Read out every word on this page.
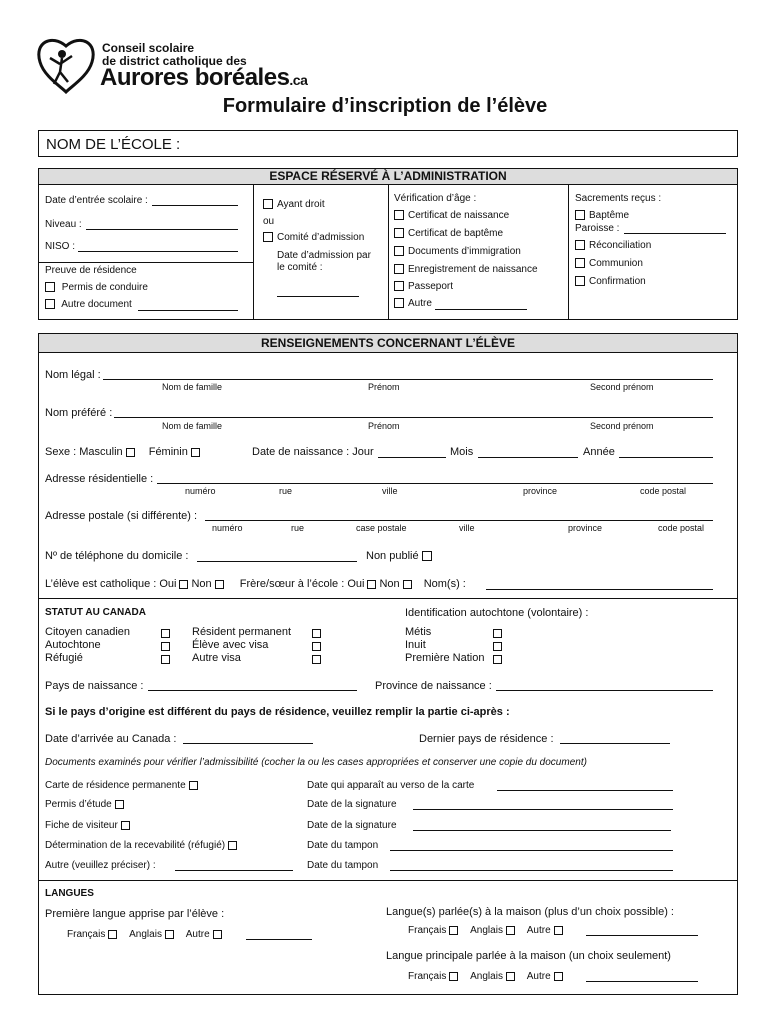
Conseil scolaire
de district catholique des
Aurores boréales.ca
Formulaire d’inscription de l’élève
NOM DE L’ÉCOLE :
ESPACE RÉSERVÉ À L’ADMINISTRATION
Date d’entrée scolaire :
Niveau :
NISO :
Preuve de résidence
Permis de conduire
Autre document
Ayant droit
ou
Comité d’admission
Date d’admission par
le comité :
Vérification d’âge :
Certificat de naissance
Certificat de baptême
Documents d’immigration
Enregistrement de naissance
Passeport
Autre
Sacrements reçus :
Baptême
Paroisse :
Réconciliation
Communion
Confirmation
RENSEIGNEMENTS CONCERNANT L’ÉLÈVE
Nom légal :
Nom de famille	Prénom	Second prénom
Nom préféré :
Nom de famille	Prénom	Second prénom
Sexe : Masculin Féminin	Date de naissance : Jour	Mois	Année
Adresse résidentielle :
numéro	rue	ville	province	code postal
Adresse postale (si différente) :
numéro	rue	case postale	ville	province	code postal
Nº de téléphone du domicile :	Non publié
L’élève est catholique : Oui Non	Frère/sœur à l’école : Oui Non Nom(s) :
STATUT AU CANADA	Identification autochtone (volontaire) :
Citoyen canadien
Autochtone
Réfugié
Résident permanent
Élève avec visa
Autre visa
Métis
Inuit
Première Nation
Pays de naissance :	Province de naissance :
Si le pays d’origine est différent du pays de résidence, veuillez remplir la partie ci-après :
Date d’arrivée au Canada :	Dernier pays de résidence :
Documents examinés pour vérifier l’admissibilité (cocher la ou les cases appropriées et conserver une copie du document)
Carte de résidence permanente	Date qui apparaît au verso de la carte
Permis d’étude	Date de la signature
Fiche de visiteur	Date de la signature
Détermination de la recevabilité (réfugié)	Date du tampon
Autre (veuillez préciser) :	Date du tampon
LANGUES
Première langue apprise par l’élève :
Français Anglais Autre
Langue(s) parlée(s) à la maison (plus d’un choix possible) :
Français Anglais Autre
Langue principale parlée à la maison (un choix seulement)
Français Anglais Autre
